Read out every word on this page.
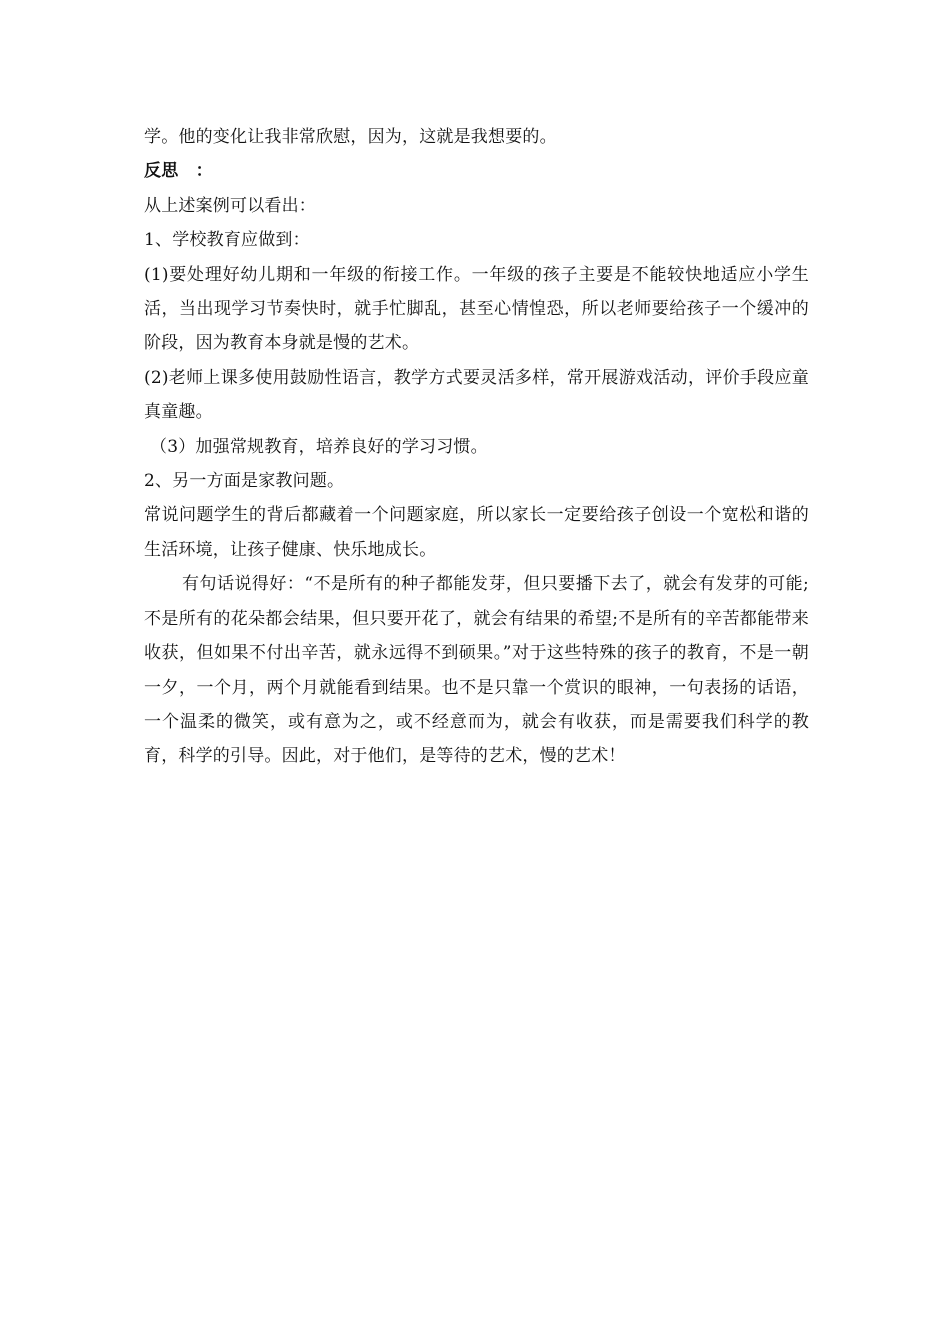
学。他的变化让我非常欣慰，因为，这就是我想要的。

反思　：

从上述案例可以看出：

1、学校教育应做到：

(1)要处理好幼儿期和一年级的衔接工作。一年级的孩子主要是不能较快地适应小学生活，当出现学习节奏快时，就手忙脚乱，甚至心情惶恐，所以老师要给孩子一个缓冲的阶段，因为教育本身就是慢的艺术。

(2)老师上课多使用鼓励性语言，教学方式要灵活多样，常开展游戏活动，评价手段应童真童趣。

（3）加强常规教育，培养良好的学习习惯。

2、另一方面是家教问题。

常说问题学生的背后都藏着一个问题家庭，所以家长一定要给孩子创设一个宽松和谐的生活环境，让孩子健康、快乐地成长。

有句话说得好：“不是所有的种子都能发芽，但只要播下去了，就会有发芽的可能;不是所有的花朵都会结果，但只要开花了，就会有结果的希望;不是所有的辛苦都能带来收获，但如果不付出辛苦，就永远得不到硕果。”对于这些特殊的孩子的教育，不是一朝一夕，一个月，两个月就能看到结果。也不是只靠一个赏识的眼神，一句表扬的话语，一个温柔的微笑，或有意为之，或不经意而为，就会有收获，而是需要我们科学的教育，科学的引导。因此，对于他们，是等待的艺术，慢的艺术！
